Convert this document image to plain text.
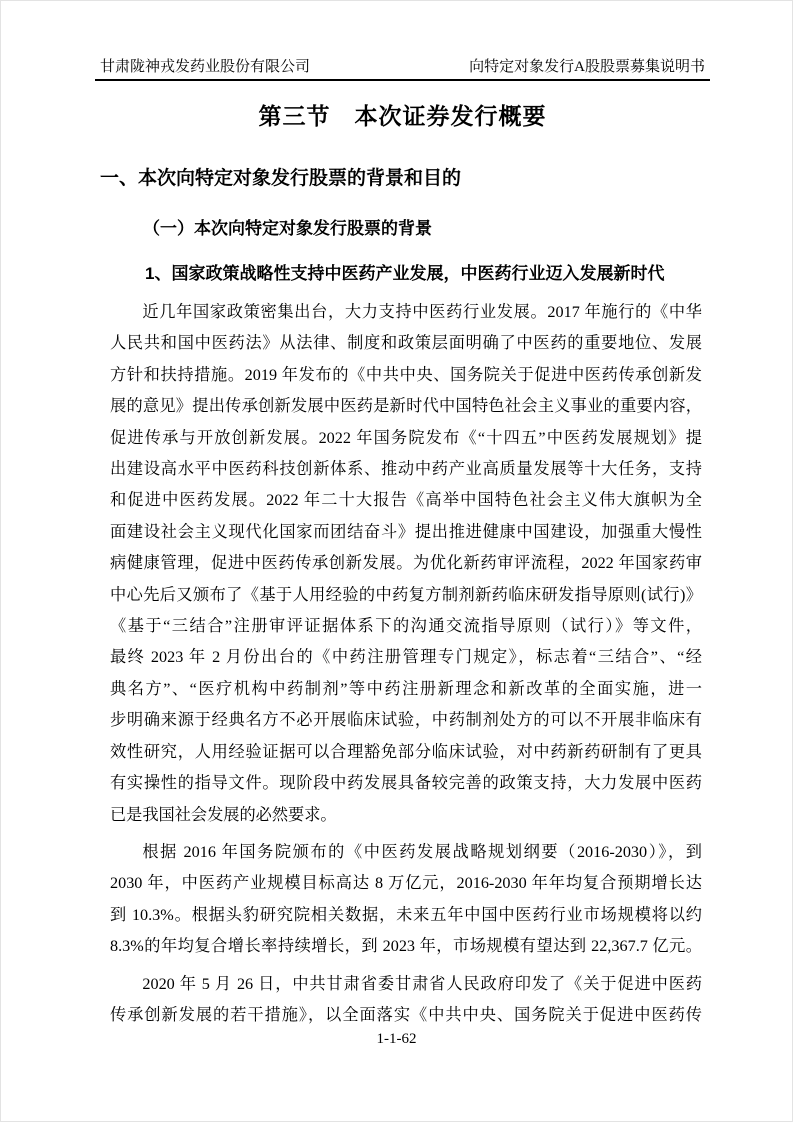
甘肃陇神戎发药业股份有限公司	向特定对象发行A股股票募集说明书
第三节　本次证券发行概要
一、本次向特定对象发行股票的背景和目的
（一）本次向特定对象发行股票的背景
1、国家政策战略性支持中医药产业发展，中医药行业迈入发展新时代
近几年国家政策密集出台，大力支持中医药行业发展。2017 年施行的《中华
人民共和国中医药法》从法律、制度和政策层面明确了中医药的重要地位、发展
方针和扶持措施。2019 年发布的《中共中央、国务院关于促进中医药传承创新发
展的意见》提出传承创新发展中医药是新时代中国特色社会主义事业的重要内容，
促进传承与开放创新发展。2022 年国务院发布《“十四五”中医药发展规划》提
出建设高水平中医药科技创新体系、推动中药产业高质量发展等十大任务，支持
和促进中医药发展。2022 年二十大报告《高举中国特色社会主义伟大旗帜为全
面建设社会主义现代化国家而团结奋斗》提出推进健康中国建设，加强重大慢性
病健康管理，促进中医药传承创新发展。为优化新药审评流程，2022 年国家药审
中心先后又颁布了《基于人用经验的中药复方制剂新药临床研发指导原则(试行)》
《基于“三结合”注册审评证据体系下的沟通交流指导原则（试行）》等文件，
最终 2023 年 2 月份出台的《中药注册管理专门规定》，标志着“三结合”、“经
典名方”、“医疗机构中药制剂”等中药注册新理念和新改革的全面实施，进一
步明确来源于经典名方不必开展临床试验，中药制剂处方的可以不开展非临床有
效性研究，人用经验证据可以合理豁免部分临床试验，对中药新药研制有了更具
有实操性的指导文件。现阶段中药发展具备较完善的政策支持，大力发展中医药
已是我国社会发展的必然要求。
根据 2016 年国务院颁布的《中医药发展战略规划纲要（2016-2030）》，到
2030 年，中医药产业规模目标高达 8 万亿元，2016-2030 年年均复合预期增长达
到 10.3%。根据头豹研究院相关数据，未来五年中国中医药行业市场规模将以约
8.3%的年均复合增长率持续增长，到 2023 年，市场规模有望达到 22,367.7 亿元。
2020 年 5 月 26 日，中共甘肃省委甘肃省人民政府印发了《关于促进中医药
传承创新发展的若干措施》，以全面落实《中共中央、国务院关于促进中医药传
1-1-62
